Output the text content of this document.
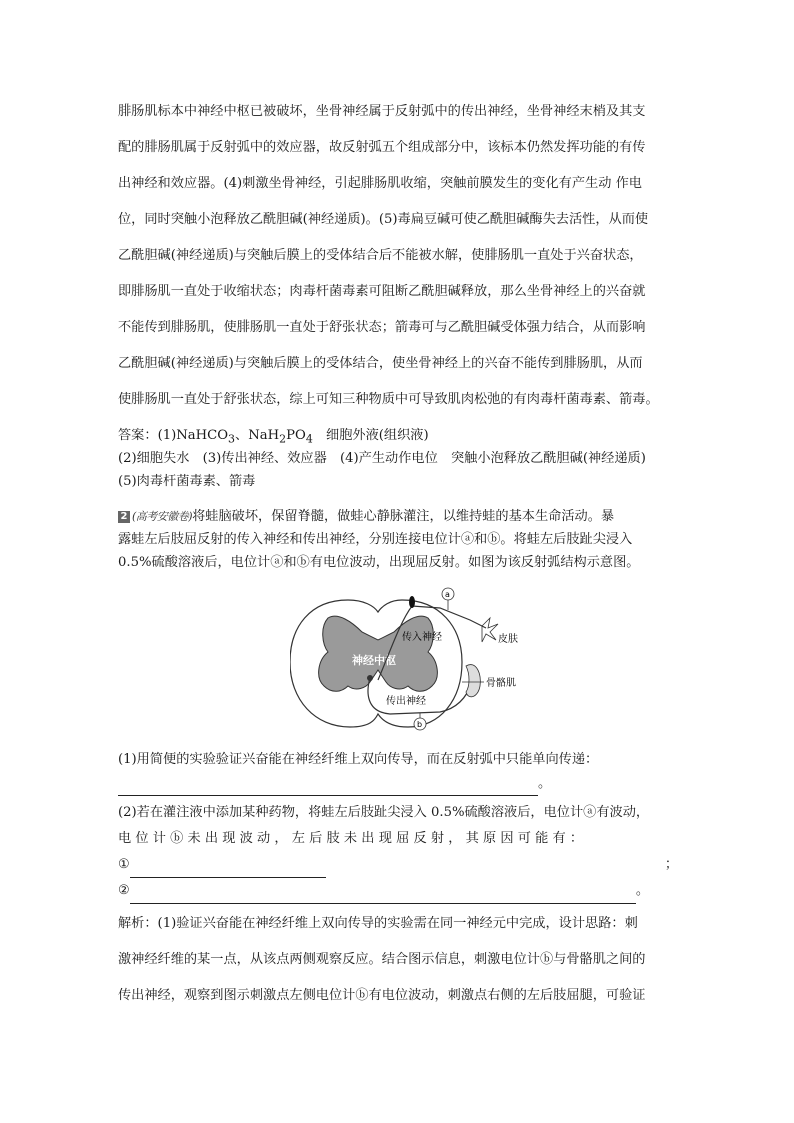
腓肠肌标本中神经中枢已被破坏，坐骨神经属于反射弧中的传出神经，坐骨神经末梢及其支
配的腓肠肌属于反射弧中的效应器，故反射弧五个组成部分中，该标本仍然发挥功能的有传
出神经和效应器。(4)刺激坐骨神经，引起腓肠肌收缩，突触前膜发生的变化有产生动 作电
位，同时突触小泡释放乙酰胆碱(神经递质)。(5)毒扁豆碱可使乙酰胆碱酶失去活性，从而使
乙酰胆碱(神经递质)与突触后膜上的受体结合后不能被水解，使腓肠肌一直处于兴奋状态，
即腓肠肌一直处于收缩状态；肉毒杆菌毒素可阻断乙酰胆碱释放，那么坐骨神经上的兴奋就
不能传到腓肠肌，使腓肠肌一直处于舒张状态；箭毒可与乙酰胆碱受体强力结合，从而影响
乙酰胆碱(神经递质)与突触后膜上的受体结合，使坐骨神经上的兴奋不能传到腓肠肌，从而
使腓肠肌一直处于舒张状态，综上可知三种物质中可导致肌肉松弛的有肉毒杆菌毒素、箭毒。
答案：(1)NaHCO$_3$、$NaH_2PO_4$　细胞外液(组织液)
(2)细胞失水　(3)传出神经、效应器　(4)产生动作电位　突触小泡释放乙酰胆碱(神经递质)
(5)肉毒杆菌毒素、箭毒
2 (高考安徽卷)将蛙脑破坏，保留脊髓，做蛙心静脉灌注，以维持蛙的基本生命活动。暴
露蛙左后肢屈反射的传入神经和传出神经，分别连接电位计ⓐ和ⓑ。将蛙左后肢趾尖浸入
0.5%硫酸溶液后，电位计ⓐ和ⓑ有电位波动，出现屈反射。如图为该反射弧结构示意图。
神经中枢
a
传入神经	皮肤
b
传出神经
骨骼肌
(1)用简便的实验验证兴奋能在神经纤维上双向传导，而在反射弧中只能单向传递：
。
(2)若在灌注液中添加某种药物，将蛙左后肢趾尖浸入 0.5%硫酸溶液后，电位计ⓐ有波动，
电 位 计 ⓑ 未 出 现 波 动 ， 左 后 肢 未 出 现 屈 反 射 ， 其 原 因 可 能 有 ：
①	；
②	。
解析：(1)验证兴奋能在神经纤维上双向传导的实验需在同一神经元中完成，设计思路：刺
激神经纤维的某一点，从该点两侧观察反应。结合图示信息，刺激电位计ⓑ与骨骼肌之间的
传出神经，观察到图示刺激点左侧电位计ⓑ有电位波动，刺激点右侧的左后肢屈腿，可验证
